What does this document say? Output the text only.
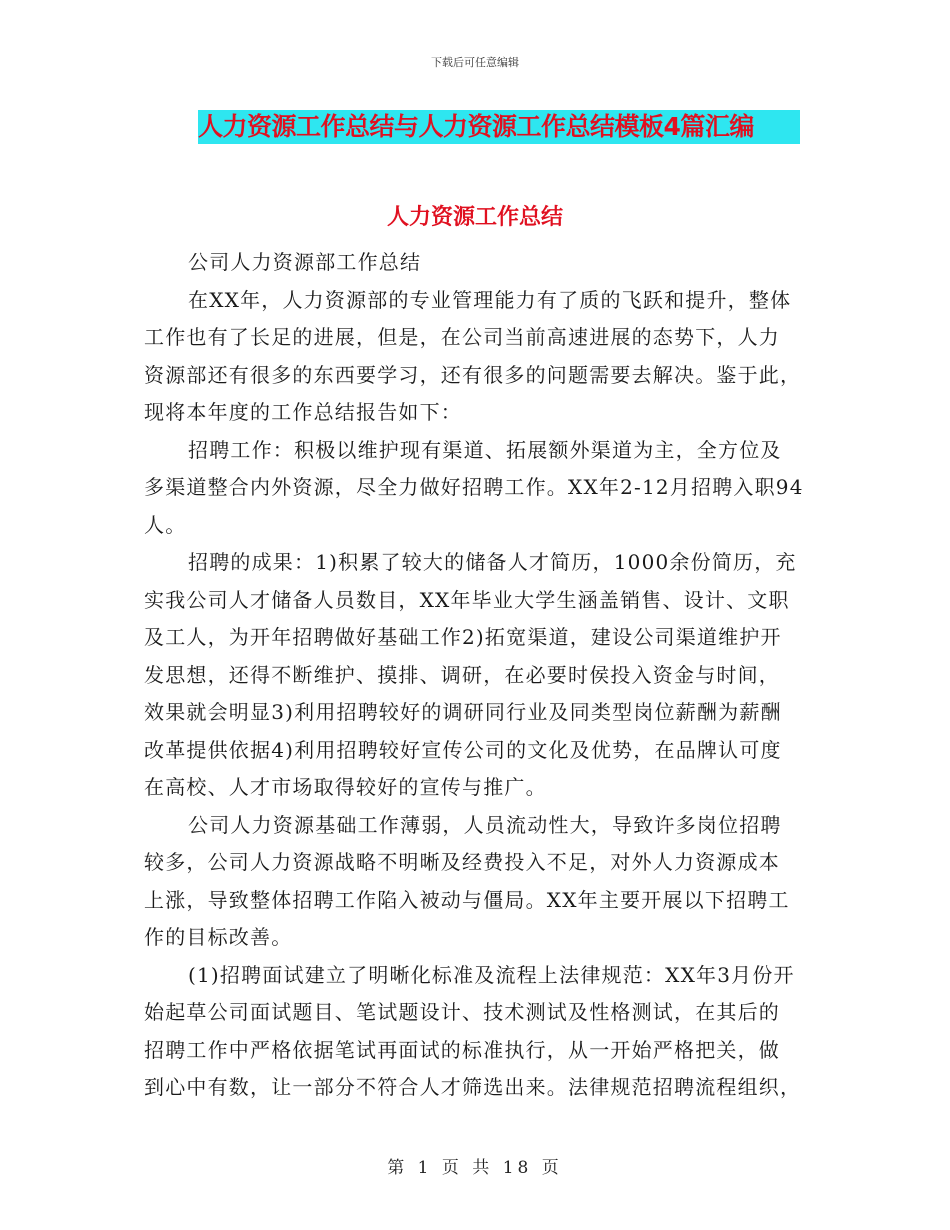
下载后可任意编辑
人力资源工作总结与人力资源工作总结模板4篇汇编
人力资源工作总结
公司人力资源部工作总结
在XX年，人力资源部的专业管理能力有了质的飞跃和提升，整体
工作也有了长足的进展，但是，在公司当前高速进展的态势下，人力
资源部还有很多的东西要学习，还有很多的问题需要去解决。鉴于此，
现将本年度的工作总结报告如下：
招聘工作：积极以维护现有渠道、拓展额外渠道为主，全方位及
多渠道整合内外资源，尽全力做好招聘工作。XX年2-12月招聘入职94
人。
招聘的成果：1)积累了较大的储备人才简历，1000余份简历，充
实我公司人才储备人员数目，XX年毕业大学生涵盖销售、设计、文职
及工人，为开年招聘做好基础工作2)拓宽渠道，建设公司渠道维护开
发思想，还得不断维护、摸排、调研，在必要时侯投入资金与时间，
效果就会明显3)利用招聘较好的调研同行业及同类型岗位薪酬为薪酬
改革提供依据4)利用招聘较好宣传公司的文化及优势，在品牌认可度
在高校、人才市场取得较好的宣传与推广。
公司人力资源基础工作薄弱，人员流动性大，导致许多岗位招聘
较多，公司人力资源战略不明晰及经费投入不足，对外人力资源成本
上涨，导致整体招聘工作陷入被动与僵局。XX年主要开展以下招聘工
作的目标改善。
(1)招聘面试建立了明晰化标准及流程上法律规范：XX年3月份开
始起草公司面试题目、笔试题设计、技术测试及性格测试，在其后的
招聘工作中严格依据笔试再面试的标准执行，从一开始严格把关，做
到心中有数，让一部分不符合人才筛选出来。法律规范招聘流程组织，
第 1 页 共 18 页
